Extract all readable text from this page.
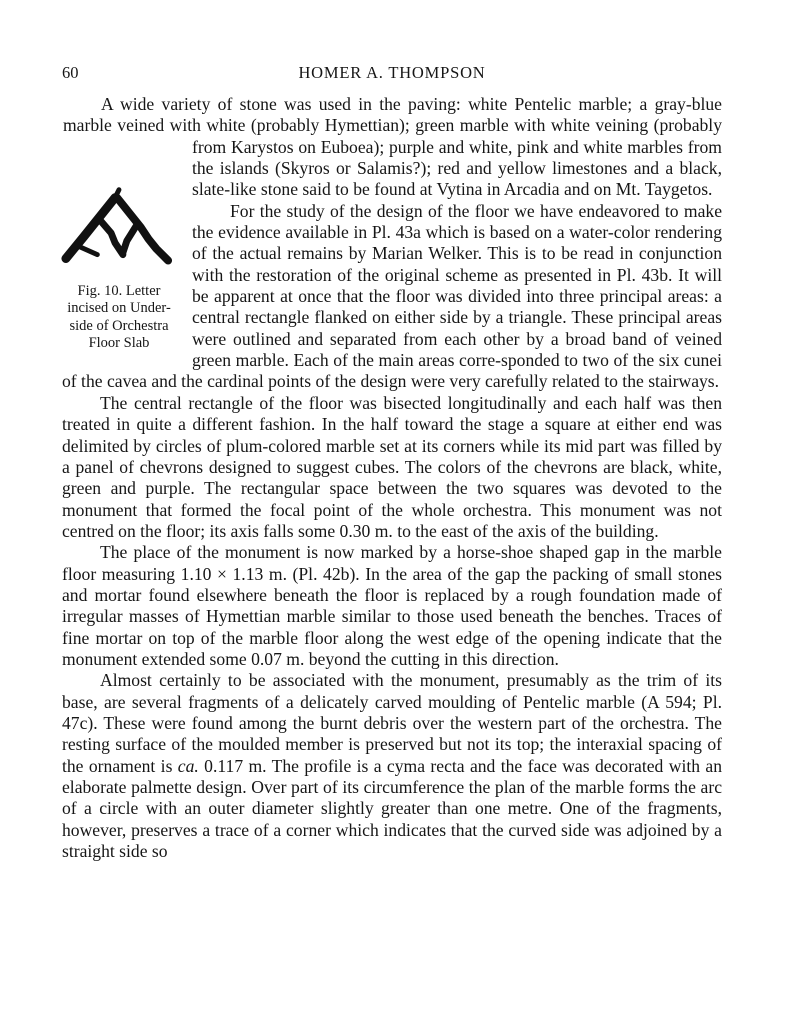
60	HOMER A. THOMPSON

A wide variety of stone was used in the paving: white Pentelic marble; a gray-blue marble veined with white (probably Hymettian); green marble with white veining (probably from Karystos on Euboea); purple and white, pink and white marbles from the islands (Skyros or Salamis?); red and yellow limestones and a black, slate-like stone said to be found at Vytina in Arcadia and on Mt. Taygetos.

For the study of the design of the floor we have endeavored to make the evidence available in Pl. 43a which is based on a water-color rendering of the actual remains by Marian Welker. This is to be read in conjunction with the restoration of the original scheme as presented in Pl. 43b. It will be apparent at once that the floor was divided into three principal areas: a central rectangle flanked on either side by a triangle. These principal areas were outlined and separated from each other by a broad band of veined green marble. Each of the main areas corre-sponded to two of the six cunei of the cavea and the cardinal points of the design were very carefully related to the stairways.

The central rectangle of the floor was bisected longitudinally and each half was then treated in quite a different fashion. In the half toward the stage a square at either end was delimited by circles of plum-colored marble set at its corners while its mid part was filled by a panel of chevrons designed to suggest cubes. The colors of the chevrons are black, white, green and purple. The rectangular space between the two squares was devoted to the monument that formed the focal point of the whole orchestra. This monument was not centred on the floor; its axis falls some 0.30 m. to the east of the axis of the building.

The place of the monument is now marked by a horse-shoe shaped gap in the marble floor measuring 1.10 × 1.13 m. (Pl. 42b). In the area of the gap the packing of small stones and mortar found elsewhere beneath the floor is replaced by a rough foundation made of irregular masses of Hymettian marble similar to those used beneath the benches. Traces of fine mortar on top of the marble floor along the west edge of the opening indicate that the monument extended some 0.07 m. beyond the cutting in this direction.

Almost certainly to be associated with the monument, presumably as the trim of its base, are several fragments of a delicately carved moulding of Pentelic marble (A 594; Pl. 47c). These were found among the burnt debris over the western part of the orchestra. The resting surface of the moulded member is preserved but not its top; the interaxial spacing of the ornament is ca. 0.117 m. The profile is a cyma recta and the face was decorated with an elaborate palmette design. Over part of its circumference the plan of the marble forms the arc of a circle with an outer diameter slightly greater than one metre. One of the fragments, however, preserves a trace of a corner which indicates that the curved side was adjoined by a straight side so

Fig. 10. Letter incised on Under-side of Orchestra Floor Slab
